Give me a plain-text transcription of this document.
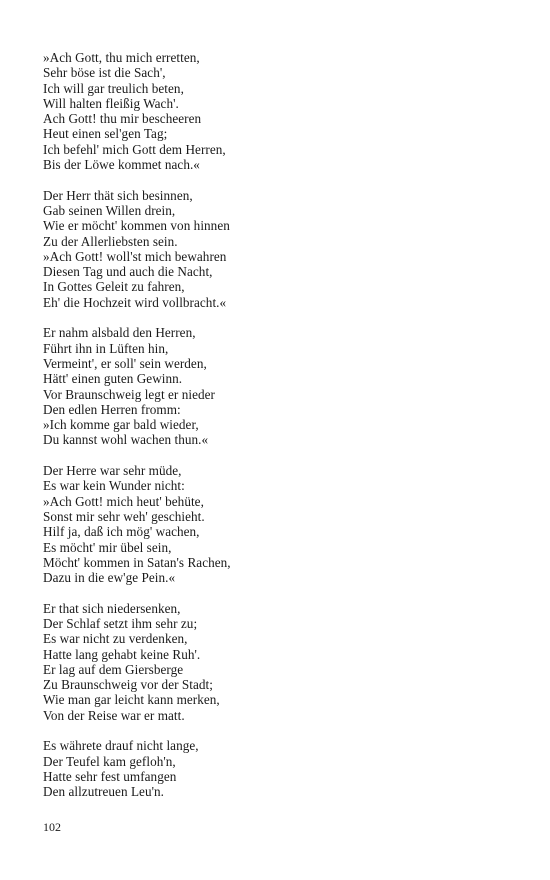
»Ach Gott, thu mich erretten,
Sehr böse ist die Sach',
Ich will gar treulich beten,
Will halten fleißig Wach'.
Ach Gott! thu mir bescheeren
Heut einen sel'gen Tag;
Ich befehl' mich Gott dem Herren,
Bis der Löwe kommet nach.«
Der Herr thät sich besinnen,
Gab seinen Willen drein,
Wie er möcht' kommen von hinnen
Zu der Allerliebsten sein.
»Ach Gott! woll'st mich bewahren
Diesen Tag und auch die Nacht,
In Gottes Geleit zu fahren,
Eh' die Hochzeit wird vollbracht.«
Er nahm alsbald den Herren,
Führt ihn in Lüften hin,
Vermeint', er soll' sein werden,
Hätt' einen guten Gewinn.
Vor Braunschweig legt er nieder
Den edlen Herren fromm:
»Ich komme gar bald wieder,
Du kannst wohl wachen thun.«
Der Herre war sehr müde,
Es war kein Wunder nicht:
»Ach Gott! mich heut' behüte,
Sonst mir sehr weh' geschieht.
Hilf ja, daß ich mög' wachen,
Es möcht' mir übel sein,
Möcht' kommen in Satan's Rachen,
Dazu in die ew'ge Pein.«
Er that sich niedersenken,
Der Schlaf setzt ihm sehr zu;
Es war nicht zu verdenken,
Hatte lang gehabt keine Ruh'.
Er lag auf dem Giersberge
Zu Braunschweig vor der Stadt;
Wie man gar leicht kann merken,
Von der Reise war er matt.
Es währete drauf nicht lange,
Der Teufel kam gefloh'n,
Hatte sehr fest umfangen
Den allzutreuen Leu'n.
102
